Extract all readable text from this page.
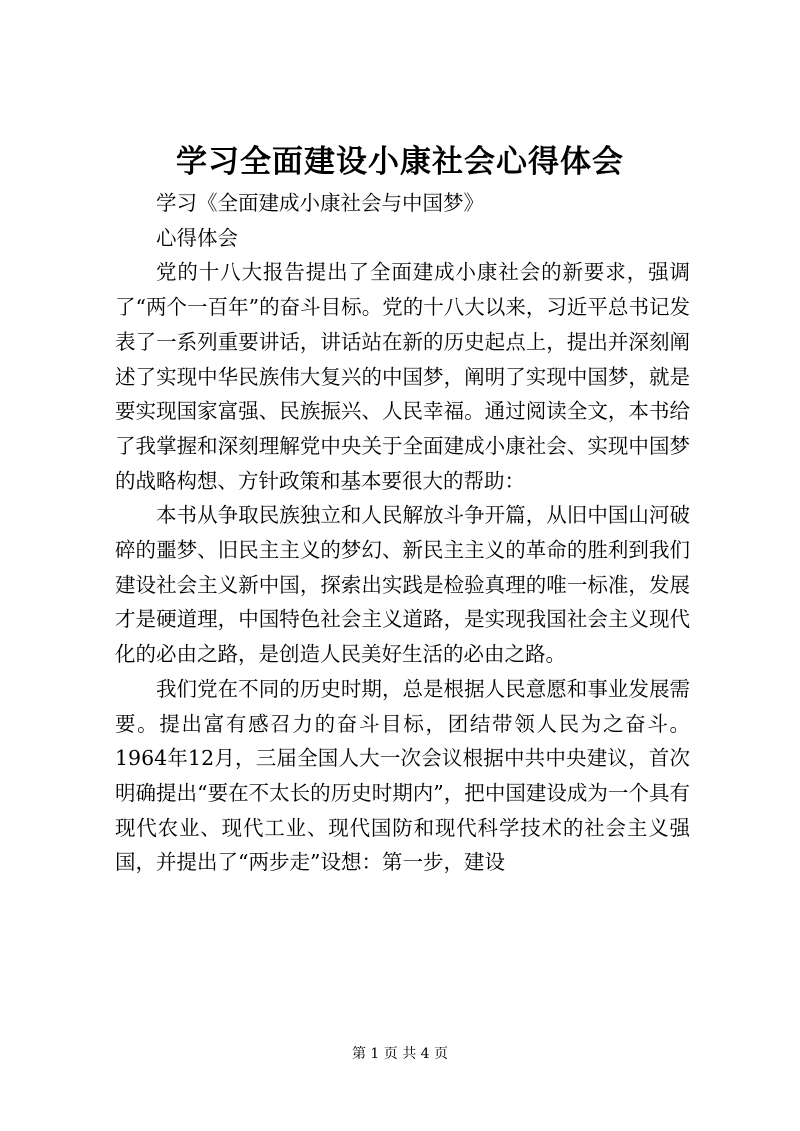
学习全面建设小康社会心得体会

学习《全面建成小康社会与中国梦》

心得体会

党的十八大报告提出了全面建成小康社会的新要求，强调了“两个一百年”的奋斗目标。党的十八大以来，习近平总书记发表了一系列重要讲话，讲话站在新的历史起点上，提出并深刻阐述了实现中华民族伟大复兴的中国梦，阐明了实现中国梦，就是要实现国家富强、民族振兴、人民幸福。通过阅读全文，本书给了我掌握和深刻理解党中央关于全面建成小康社会、实现中国梦的战略构想、方针政策和基本要很大的帮助：

本书从争取民族独立和人民解放斗争开篇，从旧中国山河破碎的噩梦、旧民主主义的梦幻、新民主主义的革命的胜利到我们建设社会主义新中国，探索出实践是检验真理的唯一标准，发展才是硬道理，中国特色社会主义道路，是实现我国社会主义现代化的必由之路，是创造人民美好生活的必由之路。

我们党在不同的历史时期，总是根据人民意愿和事业发展需要。提出富有感召力的奋斗目标，团结带领人民为之奋斗。1964年12月，三届全国人大一次会议根据中共中央建议，首次明确提出“要在不太长的历史时期内”，把中国建设成为一个具有现代农业、现代工业、现代国防和现代科学技术的社会主义强国，并提出了“两步走”设想：第一步，建设

第 1 页 共 4 页
